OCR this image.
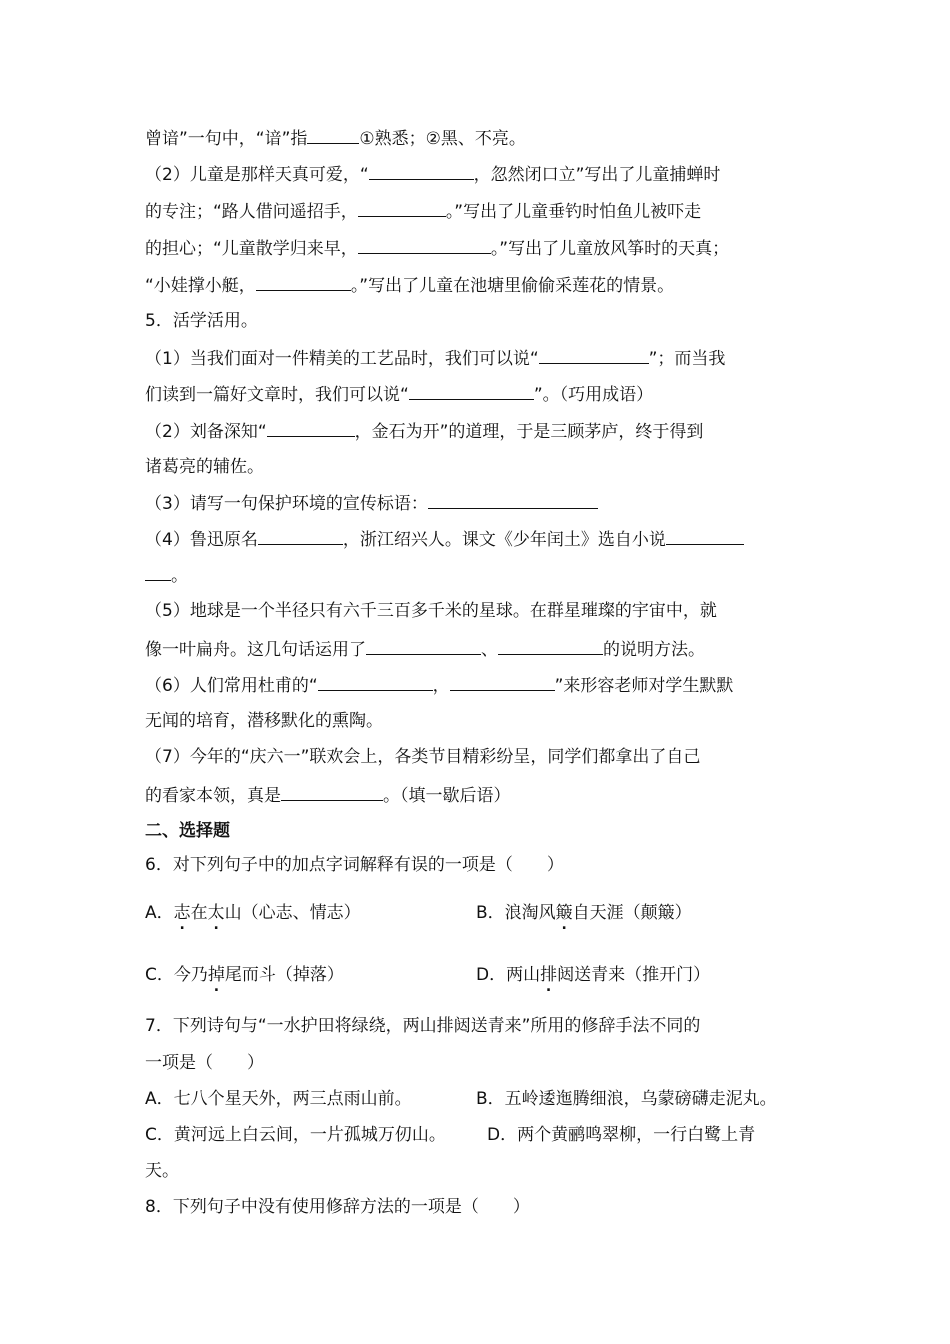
曾谙”一句中，“谙”指	①熟悉；②黑、不亮。
（2）儿童是那样天真可爱，“	，忽然闭口立”写出了儿童捕蝉时
的专注；“路人借问遥招手，	。”写出了儿童垂钓时怕鱼儿被吓走
的担心；“儿童散学归来早，	。”写出了儿童放风筝时的天真；
“小娃撑小艇，	。”写出了儿童在池塘里偷偷采莲花的情景。
5．活学活用。
（1）当我们面对一件精美的工艺品时，我们可以说“	”；而当我
们读到一篇好文章时，我们可以说“	”。（巧用成语）
（2）刘备深知“	，金石为开”的道理，于是三顾茅庐，终于得到
诸葛亮的辅佐。
（3）请写一句保护环境的宣传标语：
（4）鲁迅原名	，浙江绍兴人。课文《少年闰土》选自小说
。
（5）地球是一个半径只有六千三百多千米的星球。在群星璀璨的宇宙中，就
像一叶扁舟。这几句话运用了	、	的说明方法。
（6）人们常用杜甫的“	，	”来形容老师对学生默默
无闻的培育，潜移默化的熏陶。
（7）今年的“庆六一”联欢会上，各类节目精彩纷呈，同学们都拿出了自己
的看家本领，真是	。（填一歇后语）
二、选择题
6．对下列句子中的加点字词解释有误的一项是（　　）
A．志在太山（心志、情志）	B．浪淘风簸自天涯（颠簸）
C．今乃掉尾而斗（掉落）	D．两山排闼送青来（推开门）
7．下列诗句与“一水护田将绿绕，两山排闼送青来”所用的修辞手法不同的
一项是（　　）
A．七八个星天外，两三点雨山前。	B．五岭逶迤腾细浪，乌蒙磅礴走泥丸。
C．黄河远上白云间，一片孤城万仞山。 D．两个黄鹂鸣翠柳，一行白鹭上青
天。
8．下列句子中没有使用修辞方法的一项是（　　）
